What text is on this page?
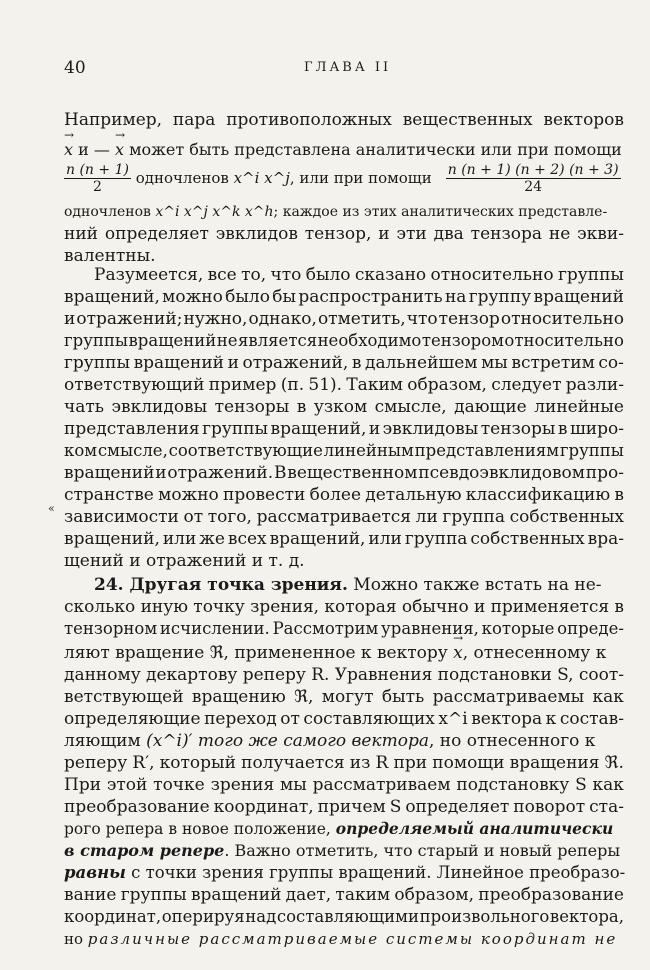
40	ГЛАВА II
Например, пара противоположных вещественных векторов
→ x и — → x может быть представлена аналитически или при помощи
$\frac{n (n + 1)}{2}$ одночленов x^i x^j , или при помощи $\frac{n (n + 1) (n + 2) (n + 3)}{24}$
одночленов x^i x^j x^k x^h; каждое из этих аналитических представле-
ний определяет эвклидов тензор, и эти два тензора не экви-
валентны.
Разумеется, все то, что было сказано относительно группы
вращений, можно было бы распространить на группу вращений
и отражений; нужно, однако, отметить, что тензор относительно
группы вращений не является необходимо тензором относительно
группы вращений и отражений, в дальнейшем мы встретим со-
ответствующий пример (п. 51). Таким образом, следует разли-
чать эвклидовы тензоры в узком смысле, дающие линейные
представления группы вращений, и эвклидовы тензоры в широ-
ком смысле, соответствующие линейным представлениям группы
вращений и отражений. В вещественном псевдоэвклидовом про-
странстве можно провести более детальную классификацию в
зависимости от того, рассматривается ли группа собственных
вращений, или же всех вращений, или группа собственных вра-
щений и отражений и т. д.
«
24. Другая точка зрения. Можно также встать на не-
сколько иную точку зрения, которая обычно и применяется в
тензорном исчислении. Рассмотрим уравнения, которые опреде-
ляют вращение ℜ, примененное к вектору → x, отнесенному к
данному декартову реперу R. Уравнения подстановки S, соот-
ветствующей вращению ℜ, могут быть рассматриваемы как
определяющие переход от составляющих x^i вектора к состав-
ляющим (x^i)′ того же самого вектора, но отнесенного к
реперу R′, который получается из R при помощи вращения ℜ.
При этой точке зрения мы рассматриваем подстановку S как
преобразование координат, причем S определяет поворот ста-
рого репера в новое положение, определяемый аналитически
в старом репере. Важно отметить, что старый и новый реперы
равны с точки зрения группы вращений. Линейное преобразо-
вание группы вращений дает, таким образом, преобразование
координат, оперируя над составляющими произвольного вектора,
но различные рассматриваемые системы координат не
